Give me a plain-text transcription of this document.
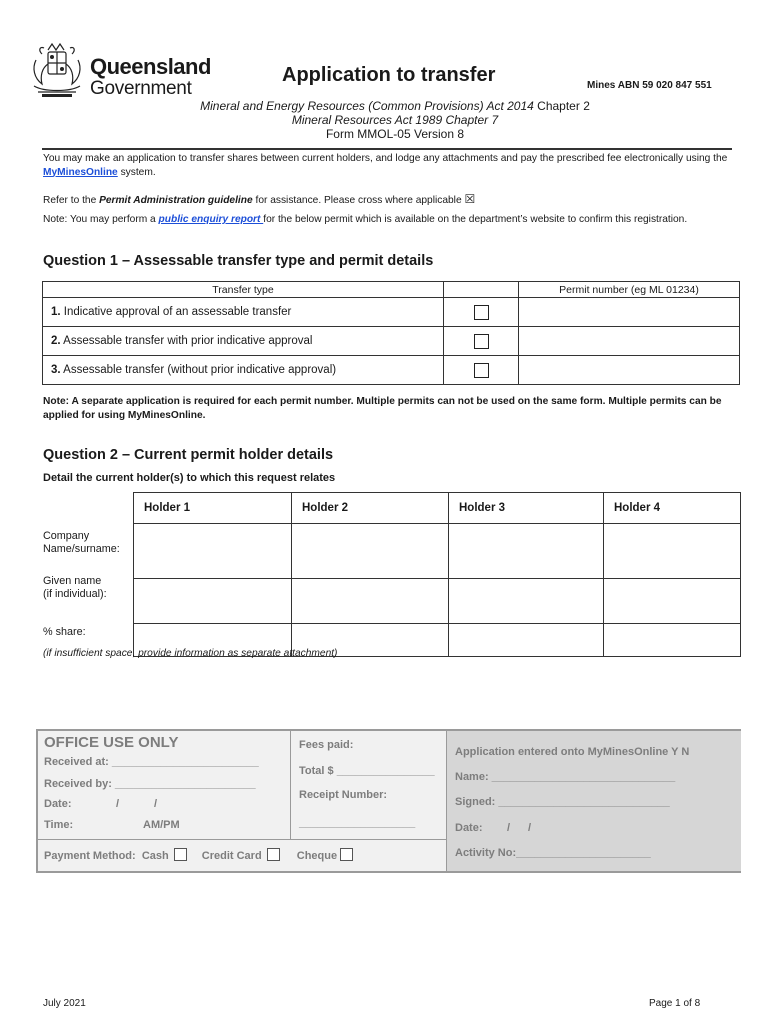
Queensland
Government
Application to transfer	Mines ABN 59 020 847 551
Mineral and Energy Resources (Common Provisions) Act 2014 Chapter 2
Mineral Resources Act 1989 Chapter 7
Form MMOL-05 Version 8
You may make an application to transfer shares between current holders, and lodge any attachments and pay the prescribed fee electronically using the MyMinesOnline system.
Refer to the Permit Administration guideline for assistance. Please cross where applicable ☒
Note: You may perform a public enquiry report for the below permit which is available on the department’s website to confirm this registration.
Question 1 – Assessable transfer type and permit details
Transfer type		Permit number (eg ML 01234)
1. Indicative approval of an assessable transfer		
2. Assessable transfer with prior indicative approval		
3. Assessable transfer (without prior indicative approval)		
Note: A separate application is required for each permit number. Multiple permits can not be used on the same form. Multiple permits can be applied for using MyMinesOnline.
Question 2 – Current permit holder details
Detail the current holder(s) to which this request relates
Holder 1	Holder 2	Holder 3	Holder 4

Company
Name/surname:
Given name
(if individual):
% share:
(if insufficient space, provide information as separate attachment)
OFFICE USE ONLY
Received at: ________________________
Received by: _______________________
Date:	/	/
Time:	AM/PM
Fees paid:
Total $ ________________
Receipt Number:
___________________
Payment Method: Cash	Credit Card	Cheque
Application entered onto MyMinesOnline Y N
Name: ______________________________
Signed: ____________________________
Date: / /
Activity No:______________________
July 2021	Page 1 of 8
